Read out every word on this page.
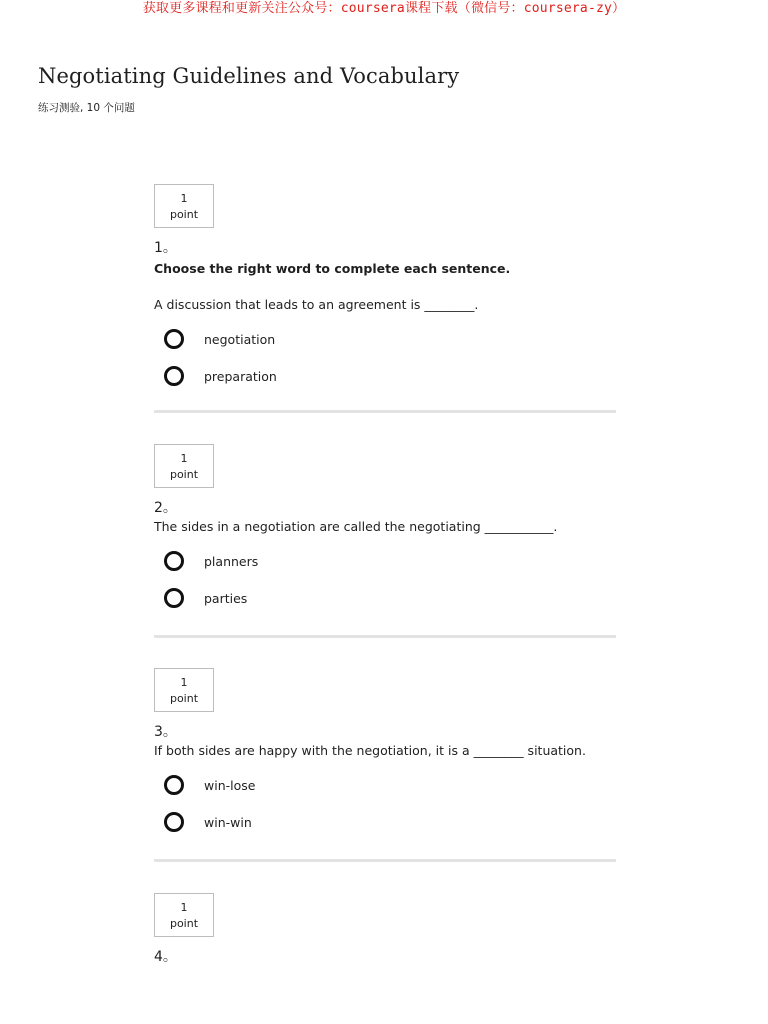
获取更多课程和更新关注公众号：coursera课程下载（微信号：coursera-zy）
Negotiating Guidelines and Vocabulary
练习测验, 10 个问题
1
point
1。
Choose the right word to complete each sentence.
A discussion that leads to an agreement is ________.
negotiation
preparation
1
point
2。
The sides in a negotiation are called the negotiating ___________.
planners
parties
1
point
3。
If both sides are happy with the negotiation, it is a ________ situation.
win-lose
win-win
1
point
4。
